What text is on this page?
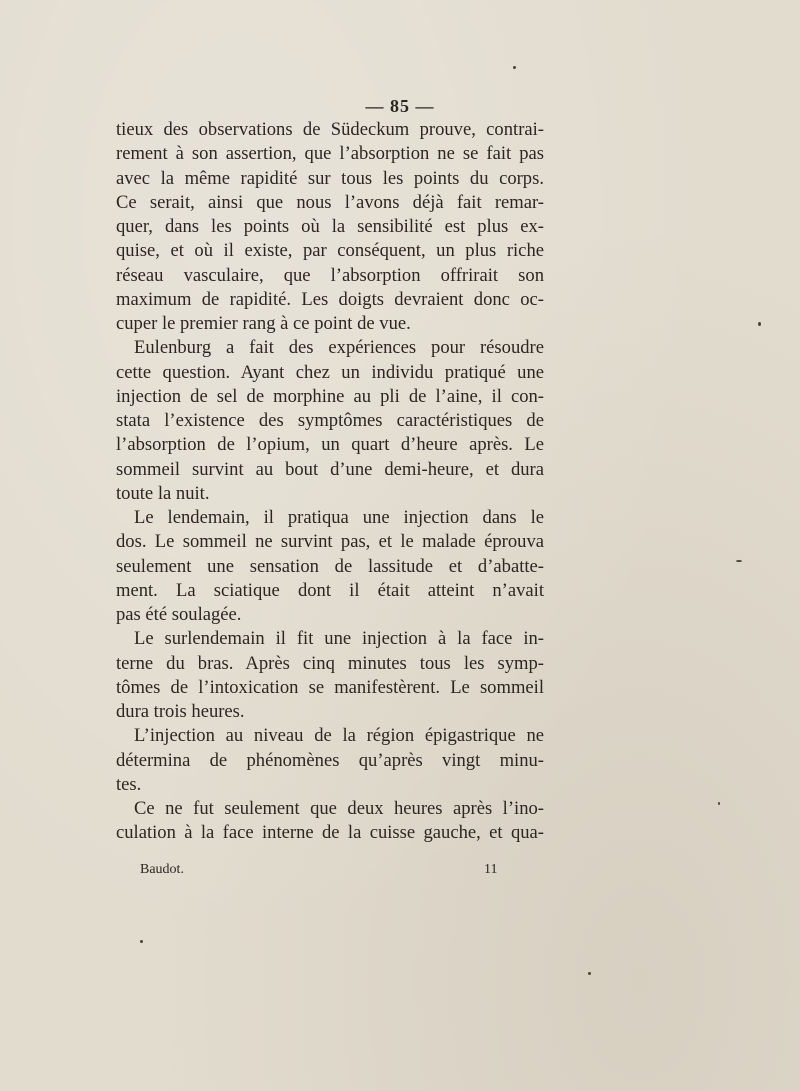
— 85 —
tieux des observations de Südeckum prouve, contrai-
rement à son assertion, que l’absorption ne se fait pas
avec la même rapidité sur tous les points du corps.
Ce serait, ainsi que nous l’avons déjà fait remar-
quer, dans les points où la sensibilité est plus ex-
quise, et où il existe, par conséquent, un plus riche
réseau vasculaire, que l’absorption offrirait son
maximum de rapidité. Les doigts devraient donc oc-
cuper le premier rang à ce point de vue.
Eulenburg a fait des expériences pour résoudre
cette question. Ayant chez un individu pratiqué une
injection de sel de morphine au pli de l’aine, il con-
stata l’existence des symptômes caractéristiques de
l’absorption de l’opium, un quart d’heure après. Le
sommeil survint au bout d’une demi-heure, et dura
toute la nuit.
Le lendemain, il pratiqua une injection dans le
dos. Le sommeil ne survint pas, et le malade éprouva
seulement une sensation de lassitude et d’abatte-
ment. La sciatique dont il était atteint n’avait
pas été soulagée.
Le surlendemain il fit une injection à la face in-
terne du bras. Après cinq minutes tous les symp-
tômes de l’intoxication se manifestèrent. Le sommeil
dura trois heures.
L’injection au niveau de la région épigastrique ne
détermina de phénomènes qu’après vingt minu-
tes.
Ce ne fut seulement que deux heures après l’ino-
culation à la face interne de la cuisse gauche, et qua-
Baudot.	11
